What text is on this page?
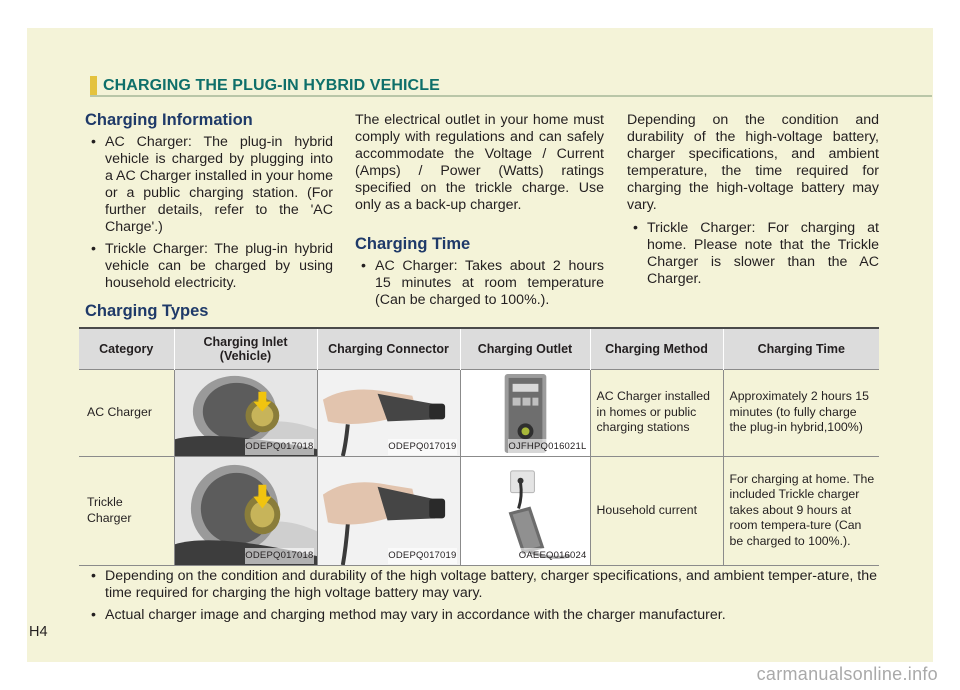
CHARGING THE PLUG-IN HYBRID VEHICLE
Charging Information
• AC Charger: The plug-in hybrid vehicle is charged by plugging into a AC Charger installed in your home or a public charging station. (For further details, refer to the 'AC Charge'.)
• Trickle Charger: The plug-in hybrid vehicle can be charged by using household electricity.

The electrical outlet in your home must comply with regulations and can safely accommodate the Voltage / Current (Amps) / Power (Watts) ratings specified on the trickle charge. Use only as a back-up charger.

Charging Time
• AC Charger: Takes about 2 hours 15 minutes at room temperature (Can be charged to 100%.).

Depending on the condition and durability of the high-voltage battery, charger specifications, and ambient temperature, the time required for charging the high-voltage battery may vary.

• Trickle Charger: For charging at home. Please note that the Trickle Charger is slower than the AC Charger.
Charging Types
Category	Charging Inlet (Vehicle)	Charging Connector	Charging Outlet	Charging Method	Charging Time
AC Charger	ODEPQ017018	ODEPQ017019	OJFHPQ016021L	AC Charger installed in homes or public charging stations	Approximately 2 hours 15 minutes (to fully charge the plug-in hybrid,100%)
Trickle Charger	ODEPQ017018	ODEPQ017019	OAEEQ016024	Household current	For charging at home. The included Trickle charger takes about 9 hours at room tempera-ture (Can be charged to 100%.).
• Depending on the condition and durability of the high voltage battery, charger specifications, and ambient temper-ature, the time required for charging the high voltage battery may vary.
• Actual charger image and charging method may vary in accordance with the charger manufacturer.
H4
carmanualsonline.info
